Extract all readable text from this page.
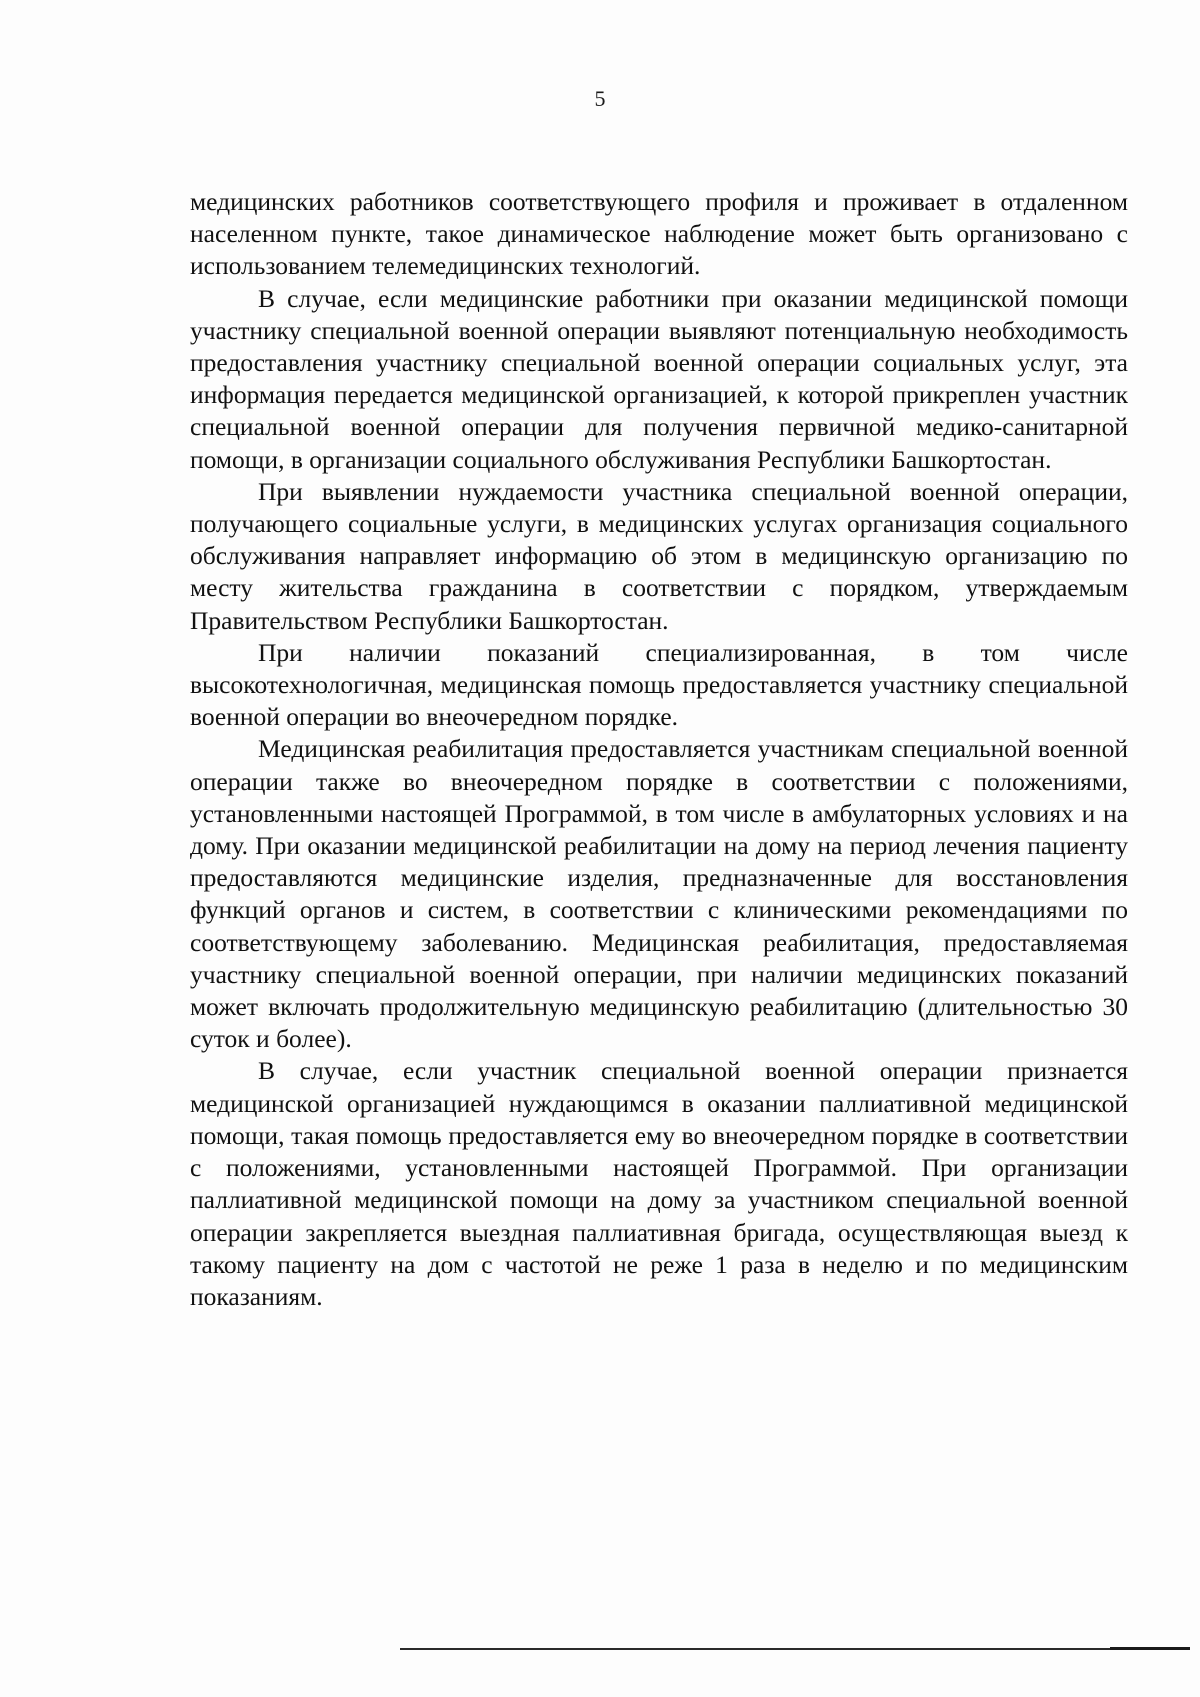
5

медицинских работников соответствующего профиля и проживает в отдаленном населенном пункте, такое динамическое наблюдение может быть организовано с использованием телемедицинских технологий.

В случае, если медицинские работники при оказании медицинской помощи участнику специальной военной операции выявляют потенциальную необходимость предоставления участнику специальной военной операции социальных услуг, эта информация передается медицинской организацией, к которой прикреплен участник специальной военной операции для получения первичной медико-санитарной помощи, в организации социального обслуживания Республики Башкортостан.

При выявлении нуждаемости участника специальной военной операции, получающего социальные услуги, в медицинских услугах организация социального обслуживания направляет информацию об этом в медицинскую организацию по месту жительства гражданина в соответствии с порядком, утверждаемым Правительством Республики Башкортостан.

При наличии показаний специализированная, в том числе высокотехнологичная, медицинская помощь предоставляется участнику специальной военной операции во внеочередном порядке.

Медицинская реабилитация предоставляется участникам специальной военной операции также во внеочередном порядке в соответствии с положениями, установленными настоящей Программой, в том числе в амбулаторных условиях и на дому. При оказании медицинской реабилитации на дому на период лечения пациенту предоставляются медицинские изделия, предназначенные для восстановления функций органов и систем, в соответствии с клиническими рекомендациями по соответствующему заболеванию. Медицинская реабилитация, предоставляемая участнику специальной военной операции, при наличии медицинских показаний может включать продолжительную медицинскую реабилитацию (длительностью 30 суток и более).

В случае, если участник специальной военной операции признается медицинской организацией нуждающимся в оказании паллиативной медицинской помощи, такая помощь предоставляется ему во внеочередном порядке в соответствии с положениями, установленными настоящей Программой. При организации паллиативной медицинской помощи на дому за участником специальной военной операции закрепляется выездная паллиативная бригада, осуществляющая выезд к такому пациенту на дом с частотой не реже 1 раза в неделю и по медицинским показаниям.
